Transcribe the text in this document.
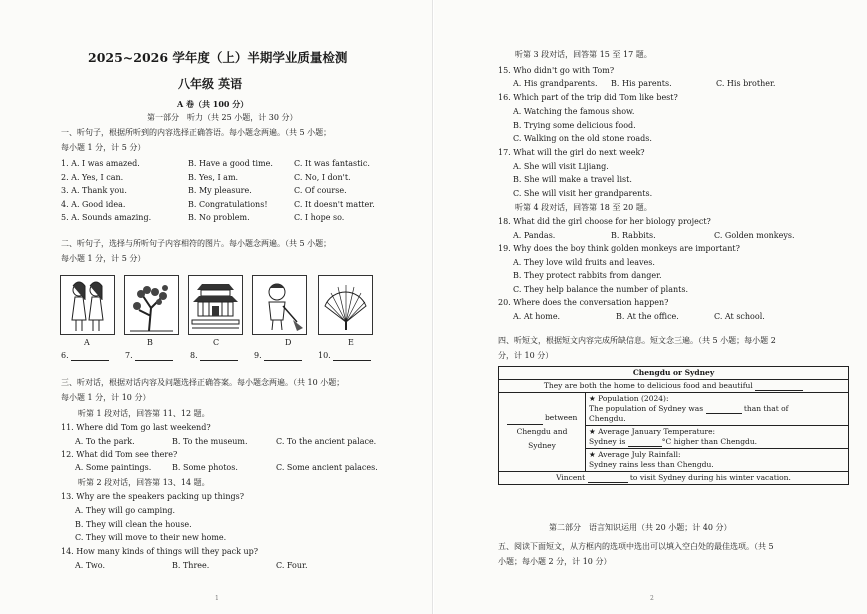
2025~2026 学年度（上）半期学业质量检测
八年级 英语
A 卷（共 100 分）
第一部分　听力（共 25 小题，计 30 分）
一、听句子，根据所听到的内容选择正确答语。每小题念两遍。（共 5 小题；
每小题 1 分，计 5 分）
1. A. I was amazed.	B. Have a good time.	C. It was fantastic.
2. A. Yes, I can.	B. Yes, I am.	C. No, I don't.
3. A. Thank you.	B. My pleasure.	C. Of course.
4. A. Good idea.	B. Congratulations!	C. It doesn't matter.
5. A. Sounds amazing.	B. No problem.	C. I hope so.
二、听句子，选择与所听句子内容相符的图片。每小题念两遍。（共 5 小题；
每小题 1 分，计 5 分）
A	B	C	D	E
6.	7.	8.	9.	10.
三、听对话，根据对话内容及问题选择正确答案。每小题念两遍。（共 10 小题；
每小题 1 分，计 10 分）
听第 1 段对话，回答第 11、12 题。
11. Where did Tom go last weekend?
A. To the park.	B. To the museum.	C. To the ancient palace.
12. What did Tom see there?
A. Some paintings.	B. Some photos.	C. Some ancient palaces.
听第 2 段对话，回答第 13、14 题。
13. Why are the speakers packing up things?
A. They will go camping.
B. They will clean the house.
C. They will move to their new home.
14. How many kinds of things will they pack up?
A. Two.	B. Three.	C. Four.
1
听第 3 段对话，回答第 15 至 17 题。
15. Who didn't go with Tom?
A. His grandparents. B. His parents.	C. His brother.
16. Which part of the trip did Tom like best?
A. Watching the famous show.
B. Trying some delicious food.
C. Walking on the old stone roads.
17. What will the girl do next week?
A. She will visit Lijiang.
B. She will make a travel list.
C. She will visit her grandparents.
听第 4 段对话，回答第 18 至 20 题。
18. What did the girl choose for her biology project?
A. Pandas.	B. Rabbits.	C. Golden monkeys.
19. Why does the boy think golden monkeys are important?
A. They love wild fruits and leaves.
B. They protect rabbits from danger.
C. They help balance the number of plants.
20. Where does the conversation happen?
A. At home.	B. At the office.	C. At school.
四、听短文，根据短文内容完成所缺信息。短文念三遍。（共 5 小题；每小题 2
分，计 10 分）
Chengdu or Sydney
They are both the home to delicious food and beautiful

between
Chengdu and
Sydney

★ Population (2024):
The population of Sydney was	than that of
Chengdu.

★ Average January Temperature:
Sydney is	°C higher than Chengdu.

★ Average July Rainfall:
Sydney rains less than Chengdu.

Vincent	to visit Sydney during his winter vacation.
第二部分　语言知识运用（共 20 小题；计 40 分）
五、阅读下面短文，从方框内的选项中选出可以填入空白处的最佳选项。（共 5
小题；每小题 2 分，计 10 分）
2
